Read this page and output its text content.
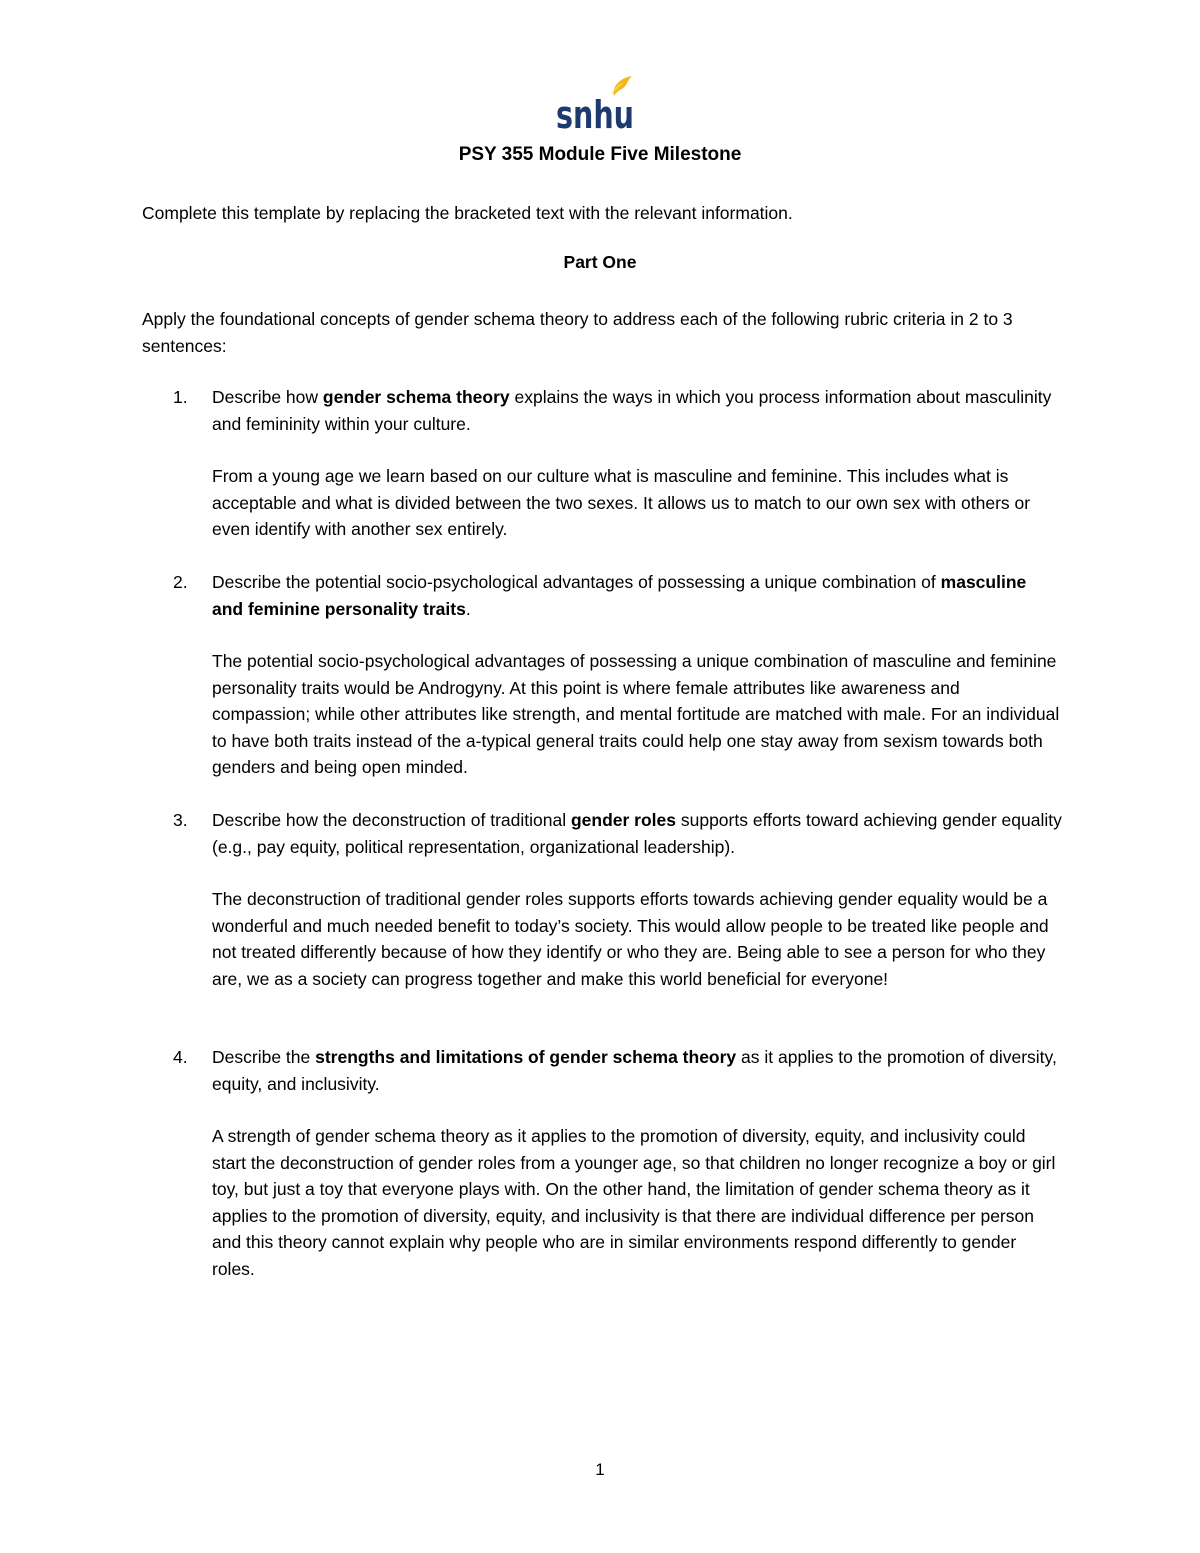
snhu
PSY 355 Module Five Milestone
Complete this template by replacing the bracketed text with the relevant information.
Part One

Apply the foundational concepts of gender schema theory to address each of the following rubric criteria in 2 to 3 sentences:

1.	Describe how gender schema theory explains the ways in which you process information about masculinity and femininity within your culture.

From a young age we learn based on our culture what is masculine and feminine. This includes what is acceptable and what is divided between the two sexes. It allows us to match to our own sex with others or even identify with another sex entirely.

2.	Describe the potential socio-psychological advantages of possessing a unique combination of masculine and feminine personality traits.

The potential socio-psychological advantages of possessing a unique combination of masculine and feminine personality traits would be Androgyny. At this point is where female attributes like awareness and compassion; while other attributes like strength, and mental fortitude are matched with male. For an individual to have both traits instead of the a-typical general traits could help one stay away from sexism towards both genders and being open minded.

3.	Describe how the deconstruction of traditional gender roles supports efforts toward achieving gender equality (e.g., pay equity, political representation, organizational leadership).

The deconstruction of traditional gender roles supports efforts towards achieving gender equality would be a wonderful and much needed benefit to today’s society. This would allow people to be treated like people and not treated differently because of how they identify or who they are. Being able to see a person for who they are, we as a society can progress together and make this world beneficial for everyone!

4.	Describe the strengths and limitations of gender schema theory as it applies to the promotion of diversity, equity, and inclusivity.

A strength of gender schema theory as it applies to the promotion of diversity, equity, and inclusivity could start the deconstruction of gender roles from a younger age, so that children no longer recognize a boy or girl toy, but just a toy that everyone plays with. On the other hand, the limitation of gender schema theory as it applies to the promotion of diversity, equity, and inclusivity is that there are individual difference per person and this theory cannot explain why people who are in similar environments respond differently to gender roles.

1
